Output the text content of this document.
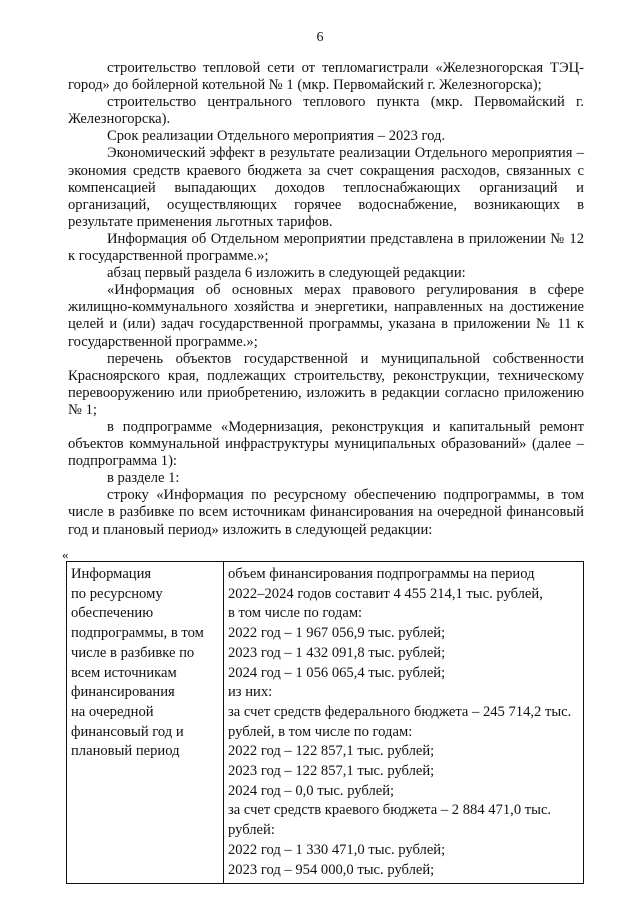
6

строительство тепловой сети от тепломагистрали «Железногорская ТЭЦ-город» до бойлерной котельной № 1 (мкр. Первомайский г. Железногорска);

строительство центрального теплового пункта (мкр. Первомайский г. Железногорска).

Срок реализации Отдельного мероприятия – 2023 год.

Экономический эффект в результате реализации Отдельного мероприятия – экономия средств краевого бюджета за счет сокращения расходов, связанных с компенсацией выпадающих доходов теплоснабжающих организаций и организаций, осуществляющих горячее водоснабжение, возникающих в результате применения льготных тарифов.

Информация об Отдельном мероприятии представлена в приложении № 12 к государственной программе.»;

абзац первый раздела 6 изложить в следующей редакции:

«Информация об основных мерах правового регулирования в сфере жилищно-коммунального хозяйства и энергетики, направленных на достижение целей и (или) задач государственной программы, указана в приложении № 11 к государственной программе.»;

перечень объектов государственной и муниципальной собственности Красноярского края, подлежащих строительству, реконструкции, техническому перевооружению или приобретению, изложить в редакции согласно приложению № 1;

в подпрограмме «Модернизация, реконструкция и капитальный ремонт объектов коммунальной инфраструктуры муниципальных образований» (далее – подпрограмма 1):

в разделе 1:

строку «Информация по ресурсному обеспечению подпрограммы, в том числе в разбивке по всем источникам финансирования на очередной финансовый год и плановый период» изложить в следующей редакции:

«
Информация
по ресурсному
обеспечению
подпрограммы, в том
числе в разбивке по
всем источникам
финансирования
на очередной
финансовый год и
плановый период

объем финансирования подпрограммы на период
2022–2024 годов составит 4 455 214,1 тыс. рублей,
в том числе по годам:
2022 год – 1 967 056,9 тыс. рублей;
2023 год – 1 432 091,8 тыс. рублей;
2024 год – 1 056 065,4 тыс. рублей;
из них:
за счет средств федерального бюджета – 245 714,2 тыс. рублей, в том числе по годам:
2022 год – 122 857,1 тыс. рублей;
2023 год – 122 857,1 тыс. рублей;
2024 год – 0,0 тыс. рублей;
за счет средств краевого бюджета – 2 884 471,0 тыс. рублей:
2022 год – 1 330 471,0 тыс. рублей;
2023 год – 954 000,0 тыс. рублей;
